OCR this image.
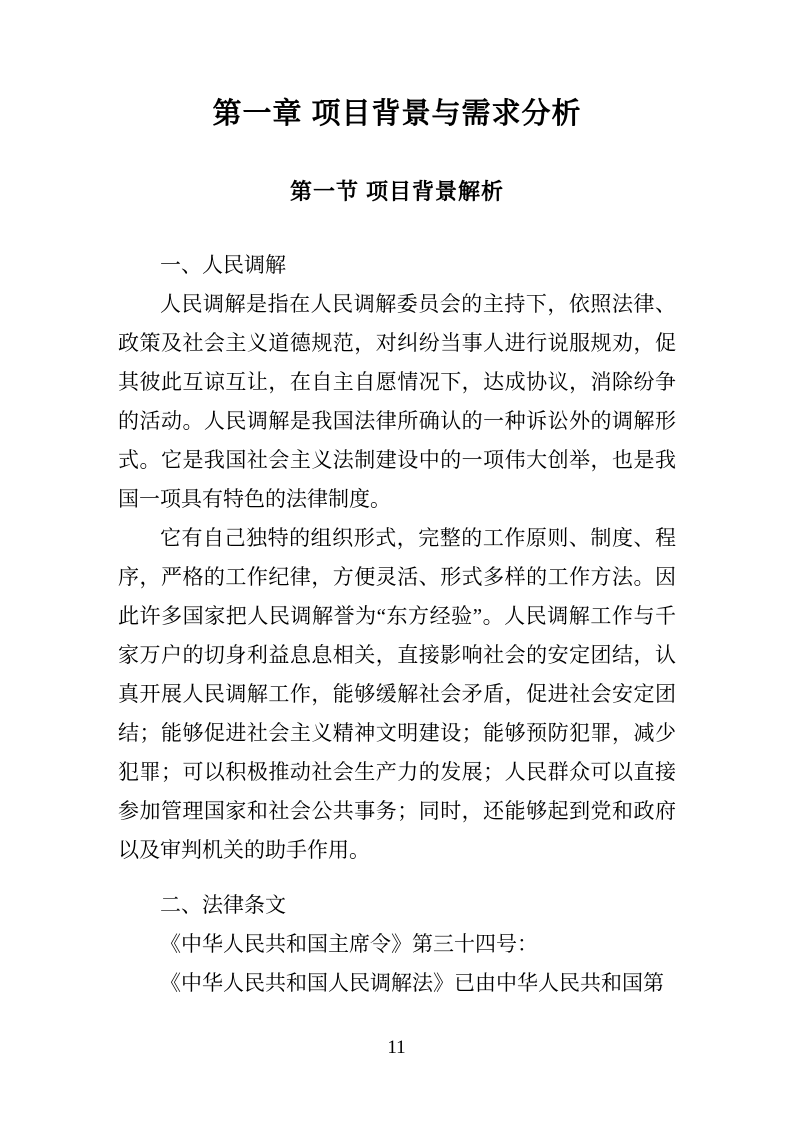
第一章 项目背景与需求分析
第一节 项目背景解析

一、人民调解

人民调解是指在人民调解委员会的主持下，依照法律、政策及社会主义道德规范，对纠纷当事人进行说服规劝，促其彼此互谅互让，在自主自愿情况下，达成协议，消除纷争的活动。人民调解是我国法律所确认的一种诉讼外的调解形式。它是我国社会主义法制建设中的一项伟大创举，也是我国一项具有特色的法律制度。

它有自己独特的组织形式，完整的工作原则、制度、程序，严格的工作纪律，方便灵活、形式多样的工作方法。因此许多国家把人民调解誉为“东方经验”。人民调解工作与千家万户的切身利益息息相关，直接影响社会的安定团结，认真开展人民调解工作，能够缓解社会矛盾，促进社会安定团结；能够促进社会主义精神文明建设；能够预防犯罪，减少犯罪；可以积极推动社会生产力的发展；人民群众可以直接参加管理国家和社会公共事务；同时，还能够起到党和政府以及审判机关的助手作用。

二、法律条文

《中华人民共和国主席令》第三十四号：

《中华人民共和国人民调解法》已由中华人民共和国第

11
